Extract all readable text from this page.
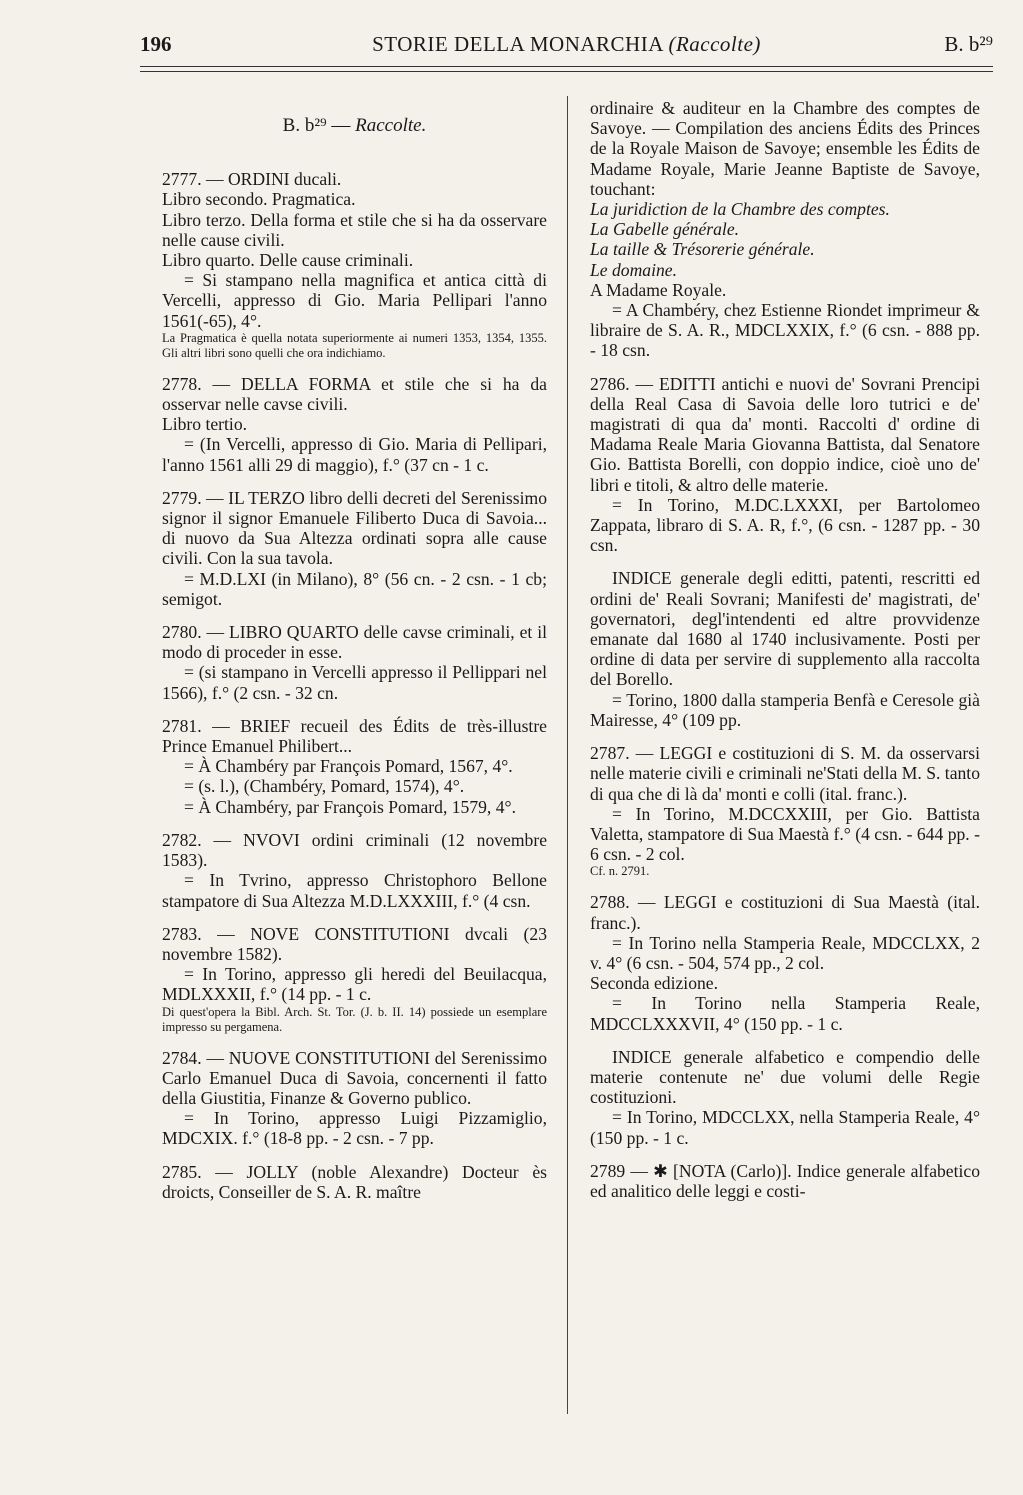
196	STORIE DELLA MONARCHIA (Raccolte)	B. b²⁹
B. b²⁹ — Raccolte.

2777. — ORDINI ducali.

Libro secondo. Pragmatica.

Libro terzo. Della forma et stile che si ha da osservare nelle cause civili.

Libro quarto. Delle cause criminali.

= Si stampano nella magnifica et antica città di Vercelli, appresso di Gio. Maria Pellipari l'anno 1561(-65), 4°.

La Pragmatica è quella notata superiormente ai numeri 1353, 1354, 1355. Gli altri libri sono quelli che ora indichiamo.

2778. — DELLA FORMA et stile che si ha da osservar nelle cavse civili.

Libro tertio.

= (In Vercelli, appresso di Gio. Maria di Pellipari, l'anno 1561 alli 29 di maggio), f.° (37 cn - 1 c.

2779. — IL TERZO libro delli decreti del Serenissimo signor il signor Emanuele Filiberto Duca di Savoia... di nuovo da Sua Altezza ordinati sopra alle cause civili. Con la sua tavola.

= M.D.LXI (in Milano), 8° (56 cn. - 2 csn. - 1 cb; semigot.

2780. — LIBRO QUARTO delle cavse criminali, et il modo di proceder in esse.

= (si stampano in Vercelli appresso il Pellippari nel 1566), f.° (2 csn. - 32 cn.

2781. — BRIEF recueil des Édits de très-illustre Prince Emanuel Philibert...

= À Chambéry par François Pomard, 1567, 4°.

= (s. l.), (Chambéry, Pomard, 1574), 4°.

= À Chambéry, par François Pomard, 1579, 4°.

2782. — NVOVI ordini criminali (12 novembre 1583).

= In Tvrino, appresso Christophoro Bellone stampatore di Sua Altezza M.D.LXXXIII, f.° (4 csn.

2783. — NOVE CONSTITUTIONI dvcali (23 novembre 1582).

= In Torino, appresso gli heredi del Beuilacqua, MDLXXXII, f.° (14 pp. - 1 c.

Di quest'opera la Bibl. Arch. St. Tor. (J. b. II. 14) possiede un esemplare impresso su pergamena.

2784. — NUOVE CONSTITUTIONI del Serenissimo Carlo Emanuel Duca di Savoia, concernenti il fatto della Giustitia, Finanze & Governo publico.

= In Torino, appresso Luigi Pizzamiglio, MDCXIX. f.° (18-8 pp. - 2 csn. - 7 pp.

2785. — JOLLY (noble Alexandre) Docteur ès droicts, Conseiller de S. A. R. maître

ordinaire & auditeur en la Chambre des comptes de Savoye. — Compilation des anciens Édits des Princes de la Royale Maison de Savoye; ensemble les Édits de Madame Royale, Marie Jeanne Baptiste de Savoye, touchant:

La juridiction de la Chambre des comptes.

La Gabelle générale.

La taille & Trésorerie générale.

Le domaine.

A Madame Royale.

= A Chambéry, chez Estienne Riondet imprimeur & libraire de S. A. R., MDCLXXIX, f.° (6 csn. - 888 pp. - 18 csn.

2786. — EDITTI antichi e nuovi de' Sovrani Prencipi della Real Casa di Savoia delle loro tutrici e de' magistrati di qua da' monti. Raccolti d' ordine di Madama Reale Maria Giovanna Battista, dal Senatore Gio. Battista Borelli, con doppio indice, cioè uno de' libri e titoli, & altro delle materie.

= In Torino, M.DC.LXXXI, per Bartolomeo Zappata, libraro di S. A. R, f.°, (6 csn. - 1287 pp. - 30 csn.

INDICE generale degli editti, patenti, rescritti ed ordini de' Reali Sovrani; Manifesti de' magistrati, de' governatori, degl'intendenti ed altre provvidenze emanate dal 1680 al 1740 inclusivamente. Posti per ordine di data per servire di supplemento alla raccolta del Borello.

= Torino, 1800 dalla stamperia Benfà e Ceresole già Mairesse, 4° (109 pp.

2787. — LEGGI e costituzioni di S. M. da osservarsi nelle materie civili e criminali ne'Stati della M. S. tanto di qua che di là da' monti e colli (ital. franc.).

= In Torino, M.DCCXXIII, per Gio. Battista Valetta, stampatore di Sua Maestà f.° (4 csn. - 644 pp. - 6 csn. - 2 col.

Cf. n. 2791.

2788. — LEGGI e costituzioni di Sua Maestà (ital. franc.).

= In Torino nella Stamperia Reale, MDCCLXX, 2 v. 4° (6 csn. - 504, 574 pp., 2 col.

Seconda edizione.

= In Torino nella Stamperia Reale, MDCCLXXXVII, 4° (150 pp. - 1 c.

INDICE generale alfabetico e compendio delle materie contenute ne' due volumi delle Regie costituzioni.

= In Torino, MDCCLXX, nella Stamperia Reale, 4° (150 pp. - 1 c.

2789 — ✱ [NOTA (Carlo)]. Indice generale alfabetico ed analitico delle leggi e costi-
